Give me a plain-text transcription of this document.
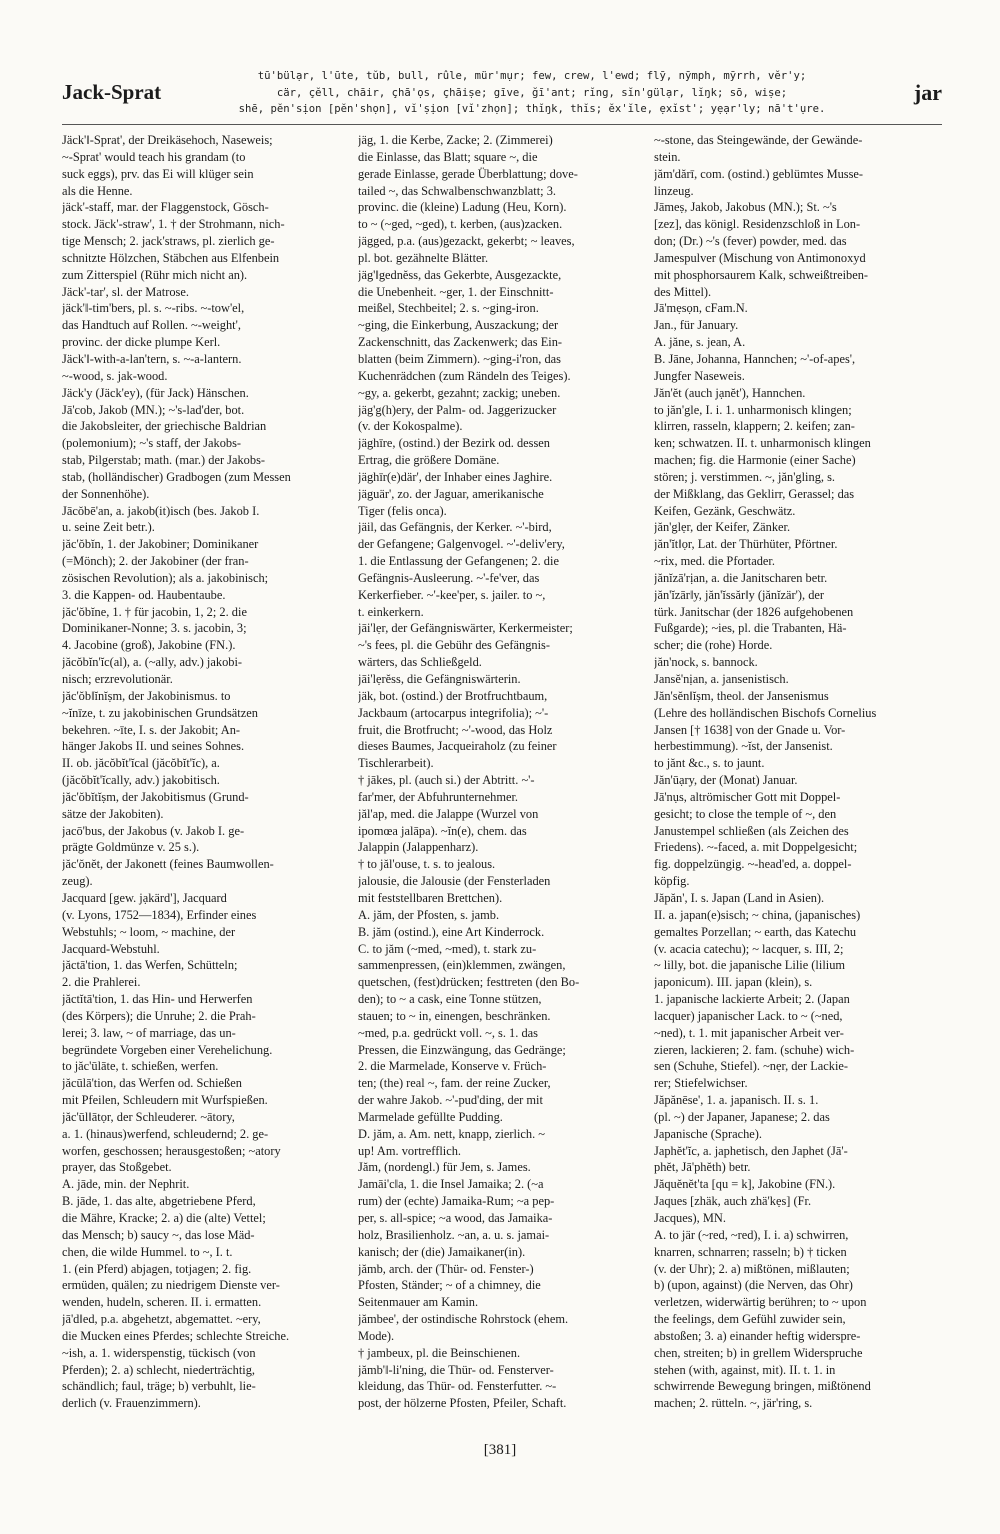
Jack-Sprat
tū'bülạr, l'ūte, tŭb, bull, rûle, mür'mụr; few, crew, l'ewd; flȳ, nȳmph, mȳrrh, vĕr'y;
cär, çĕll, chāir, çhā'ọs, çhāiṣe; gīve, ğī'ant; rĭng, sĭn'gülạr, lĭŋk; sō, wiṣe;
shē, pĕn'sịon [pĕn'shọn], vĭ'ṣịon [vĭ'zhọn]; thĭŋk, thĭs; ĕx'ĭle, ẹxĭst'; yẹạr'ly; nā't'ụre.
jar

Jäck'‖-Sprat', der Dreikäsehoch, Naseweis;

~-Sprat' would teach his grandam (to

suck eggs), prv. das Ei will klüger sein

als die Henne.

jäck'-staff, mar. der Flaggenstock, Gösch-

stock. Jäck'-straw', 1. † der Strohmann, nich-

tige Mensch; 2. jack'straws, pl. zierlich ge-

schnitzte Hölzchen, Stäbchen aus Elfenbein

zum Zitterspiel (Rühr mich nicht an).

Jäck'-tar', sl. der Matrose.

jäck'‖-tim'bers, pl. s. ~-ribs. ~-tow'el,

das Handtuch auf Rollen. ~-weight',

provinc. der dicke plumpe Kerl.

Jäck'‖-with-a-lan'tern, s. ~-a-lantern.

~-wood, s. jak-wood.

Jäck'y (Jäck'ey), (für Jack) Hänschen.

Jā'cob, Jakob (MN.); ~'s-lad'der, bot.

die Jakobsleiter, der griechische Baldrian

(polemonium); ~'s staff, der Jakobs-

stab, Pilgerstab; math. (mar.) der Jakobs-

stab, (holländischer) Gradbogen (zum Messen

der Sonnenhöhe).

Jācŏbē'an, a. jakob(it)isch (bes. Jakob I.

u. seine Zeit betr.).

jăc'ŏbĭn, 1. der Jakobiner; Dominikaner

(=Mönch); 2. der Jakobiner (der fran-

zösischen Revolution); als a. jakobinisch;

3. die Kappen- od. Haubentaube.

jăc'ŏbĭne, 1. † für jacobin, 1, 2; 2. die

Dominikaner-Nonne; 3. s. jacobin, 3;

4. Jacobine (groß), Jakobine (FN.).

jăcŏbĭn'ĭc(al), a. (~ally, adv.) jakobi-

nisch; erzrevolutionär.

jăc'ŏb‖ĭnĭṣm, der Jakobinismus. to

~ĭnīze, t. zu jakobinischen Grundsätzen

bekehren. ~īte, I. s. der Jakobit; An-

hänger Jakobs II. und seines Sohnes.

II. ob. jăcŏbĭt'ĭcal (jăcŏbĭt'ĭc), a.

(jăcŏbĭt'ĭcally, adv.) jakobitisch.

jăc'ŏbĭtĭṣm, der Jakobitismus (Grund-

sätze der Jakobiten).

jacō'bus, der Jakobus (v. Jakob I. ge-

prägte Goldmünze v. 25 s.).

jăc'ŏnĕt, der Jakonett (feines Baumwollen-

zeug).

Jacquard [gew. jạkärd'], Jacquard

(v. Lyons, 1752—1834), Erfinder eines

Webstuhls; ~ loom, ~ machine, der

Jacquard-Webstuhl.

jăctā'tion, 1. das Werfen, Schütteln;

2. die Prahlerei.

jăctĭtā'tion, 1. das Hin- und Herwerfen

(des Körpers); die Unruhe; 2. die Prah-

lerei; 3. law, ~ of marriage, das un-

begründete Vorgeben einer Verehelichung.

to jăc'ūlāte, t. schießen, werfen.

jăcūlā'tion, das Werfen od. Schießen

mit Pfeilen, Schleudern mit Wurfspießen.

jăc'ūl‖ātọr, der Schleuderer. ~ātory,

a. 1. (hinaus)werfend, schleudernd; 2. ge-

worfen, geschossen; herausgestoßen; ~atory

prayer, das Stoßgebet.

A. jāde, min. der Nephrit.

B. jāde, 1. das alte, abgetriebene Pferd,

die Mähre, Kracke; 2. a) die (alte) Vettel;

das Mensch; b) saucy ~, das lose Mäd-

chen, die wilde Hummel. to ~, I. t.

1. (ein Pferd) abjagen, totjagen; 2. fig.

ermüden, quälen; zu niedrigem Dienste ver-

wenden, hudeln, scheren. II. i. ermatten.

jā'd‖ed, p.a. abgehetzt, abgemattet. ~ery,

die Mucken eines Pferdes; schlechte Streiche.

~ish, a. 1. widerspenstig, tückisch (von

Pferden); 2. a) schlecht, niederträchtig,

schändlich; faul, träge; b) verbuhlt, lie-

derlich (v. Frauenzimmern).

jäg, 1. die Kerbe, Zacke; 2. (Zimmerei)

die Einlasse, das Blatt; square ~, die

gerade Einlasse, gerade Überblattung; dove-

tailed ~, das Schwalbenschwanzblatt; 3.

provinc. die (kleine) Ladung (Heu, Korn).

to ~ (~ged, ~ged), t. kerben, (aus)zacken.

jägged, p.a. (aus)gezackt, gekerbt; ~ leaves,

pl. bot. gezähnelte Blätter.

jäg'‖gednĕss, das Gekerbte, Ausgezackte,

die Unebenheit. ~ger, 1. der Einschnitt-

meißel, Stechbeitel; 2. s. ~ging-iron.

~ging, die Einkerbung, Auszackung; der

Zackenschnitt, das Zackenwerk; das Ein-

blatten (beim Zimmern). ~ging-i'ron, das

Kuchenrädchen (zum Rändeln des Teiges).

~gy, a. gekerbt, gezahnt; zackig; uneben.

jäg'g(h)ery, der Palm- od. Jaggerizucker

(v. der Kokospalme).

jäghīre, (ostind.) der Bezirk od. dessen

Ertrag, die größere Domäne.

jäghīr(e)där', der Inhaber eines Jaghire.

jäguär', zo. der Jaguar, amerikanische

Tiger (felis onca).

jäil, das Gefängnis, der Kerker. ~'-bird,

der Gefangene; Galgenvogel. ~'-deliv'ery,

1. die Entlassung der Gefangenen; 2. die

Gefängnis-Ausleerung. ~'-fe'ver, das

Kerkerfieber. ~'-kee'per, s. jailer. to ~,

t. einkerkern.

jāi'lẹr, der Gefängniswärter, Kerkermeister;

~'s fees, pl. die Gebühr des Gefängnis-

wärters, das Schließgeld.

jāi'lẹrĕss, die Gefängniswärterin.

jäk, bot. (ostind.) der Brotfruchtbaum,

Jackbaum (artocarpus integrifolia); ~'-

fruit, die Brotfrucht; ~'-wood, das Holz

dieses Baumes, Jacqueiraholz (zu feiner

Tischlerarbeit).

† jākes, pl. (auch si.) der Abtritt. ~'-

far'mer, der Abfuhrunternehmer.

jăl'ap, med. die Jalappe (Wurzel von

ipomœa jalāpa). ~ĭn(e), chem. das

Jalappin (Jalappenharz).

† to jăl'ouse, t. s. to jealous.

jalousie, die Jalousie (der Fensterladen

mit feststellbaren Brettchen).

A. jăm, der Pfosten, s. jamb.

B. jăm (ostind.), eine Art Kinderrock.

C. to jăm (~med, ~med), t. stark zu-

sammenpressen, (ein)klemmen, zwängen,

quetschen, (fest)drücken; festtreten (den Bo-

den); to ~ a cask, eine Tonne stützen,

stauen; to ~ in, einengen, beschränken.

~med, p.a. gedrückt voll. ~, s. 1. das

Pressen, die Einzwängung, das Gedränge;

2. die Marmelade, Konserve v. Früch-

ten; (the) real ~, fam. der reine Zucker,

der wahre Jakob. ~'-pud'ding, der mit

Marmelade gefüllte Pudding.

D. jăm, a. Am. nett, knapp, zierlich. ~

up! Am. vortrefflich.

Jăm, (nordengl.) für Jem, s. James.

Jamāi'c‖a, 1. die Insel Jamaika; 2. (~a

rum) der (echte) Jamaika-Rum; ~a pep-

per, s. all-spice; ~a wood, das Jamaika-

holz, Brasilienholz. ~an, a. u. s. jamai-

kanisch; der (die) Jamaikaner(in).

jămb, arch. der (Thür- od. Fenster-)

Pfosten, Ständer; ~ of a chimney, die

Seitenmauer am Kamin.

jămbee', der ostindische Rohrstock (ehem.

Mode).

† jambeux, pl. die Beinschienen.

jămb'‖-li'ning, die Thür- od. Fensterver-

kleidung, das Thür- od. Fensterfutter. ~-

post, der hölzerne Pfosten, Pfeiler, Schaft.

~-stone, das Steingewände, der Gewände-

stein.

jăm'dărī, com. (ostind.) geblümtes Musse-

linzeug.

Jāmeṣ, Jakob, Jakobus (MN.); St. ~'s

[zez], das königl. Residenzschloß in Lon-

don; (Dr.) ~'s (fever) powder, med. das

Jamespulver (Mischung von Antimonoxyd

mit phosphorsaurem Kalk, schweißtreiben-

des Mittel).

Jā'mẹsọn, cFam.N.

Jan., für January.

A. jăne, s. jean, A.

B. Jāne, Johanna, Hannchen; ~'-of-apes',

Jungfer Naseweis.

Jăn'ĕt (auch jạnĕt'), Hannchen.

to jăn'gle, I. i. 1. unharmonisch klingen;

klirren, rasseln, klappern; 2. keifen; zan-

ken; schwatzen. II. t. unharmonisch klingen

machen; fig. die Harmonie (einer Sache)

stören; j. verstimmen. ~, jăn'gling, s.

der Mißklang, das Geklirr, Gerassel; das

Keifen, Gezänk, Geschwätz.

jăn'glẹr, der Keifer, Zänker.

jăn'ĭt‖ọr, Lat. der Thürhüter, Pförtner.

~rix, med. die Pfortader.

jănĭzā'rịan, a. die Janitscharen betr.

jăn'ĭzār‖y, jăn'ĭssăr‖y (jănĭzär'), der

türk. Janitschar (der 1826 aufgehobenen

Fußgarde); ~ies, pl. die Trabanten, Hä-

scher; die (rohe) Horde.

jăn'nock, s. bannock.

Jansĕ'nịan, a. jansenistisch.

Jăn'sĕn‖ĭṣm, theol. der Jansenismus

(Lehre des holländischen Bischofs Cornelius

Jansen [† 1638] von der Gnade u. Vor-

herbestimmung). ~ĭst, der Jansenist.

to jănt &c., s. to jaunt.

Jăn'ūạry, der (Monat) Januar.

Jā'nụs, altrömischer Gott mit Doppel-

gesicht; to close the temple of ~, den

Janustempel schließen (als Zeichen des

Friedens). ~-faced, a. mit Doppelgesicht;

fig. doppelzüngig. ~-head'ed, a. doppel-

köpfig.

Jăpăn', I. s. Japan (Land in Asien).

II. a. japan(e)sisch; ~ china, (japanisches)

gemaltes Porzellan; ~ earth, das Katechu

(v. acacia catechu); ~ lacquer, s. III, 2;

~ lilly, bot. die japanische Lilie (lilium

japonicum). III. japan (klein), s.

1. japanische lackierte Arbeit; 2. (Japan

lacquer) japanischer Lack. to ~ (~ned,

~ned), t. 1. mit japanischer Arbeit ver-

zieren, lackieren; 2. fam. (schuhe) wich-

sen (Schuhe, Stiefel). ~nẹr, der Lackie-

rer; Stiefelwichser.

Jăpănēse', 1. a. japanisch. II. s. 1.

(pl. ~) der Japaner, Japanese; 2. das

Japanische (Sprache).

Japhĕt'ĭc, a. japhetisch, den Japhet (Jā'-

phĕt, Jā'phĕth) betr.

Jăquĕnĕt'ta [qu = k], Jakobine (FN.).

Jaques [zhäk, auch zhä'kẹs] (Fr.

Jacques), MN.

A. to jär (~red, ~red), I. i. a) schwirren,

knarren, schnarren; rasseln; b) † ticken

(v. der Uhr); 2. a) mißtönen, mißlauten;

b) (upon, against) (die Nerven, das Ohr)

verletzen, widerwärtig berühren; to ~ upon

the feelings, dem Gefühl zuwider sein,

abstoßen; 3. a) einander heftig widerspre-

chen, streiten; b) in grellem Widerspruche

stehen (with, against, mit). II. t. 1. in

schwirrende Bewegung bringen, mißtönend

machen; 2. rütteln. ~, jär'ring, s.

[381]
